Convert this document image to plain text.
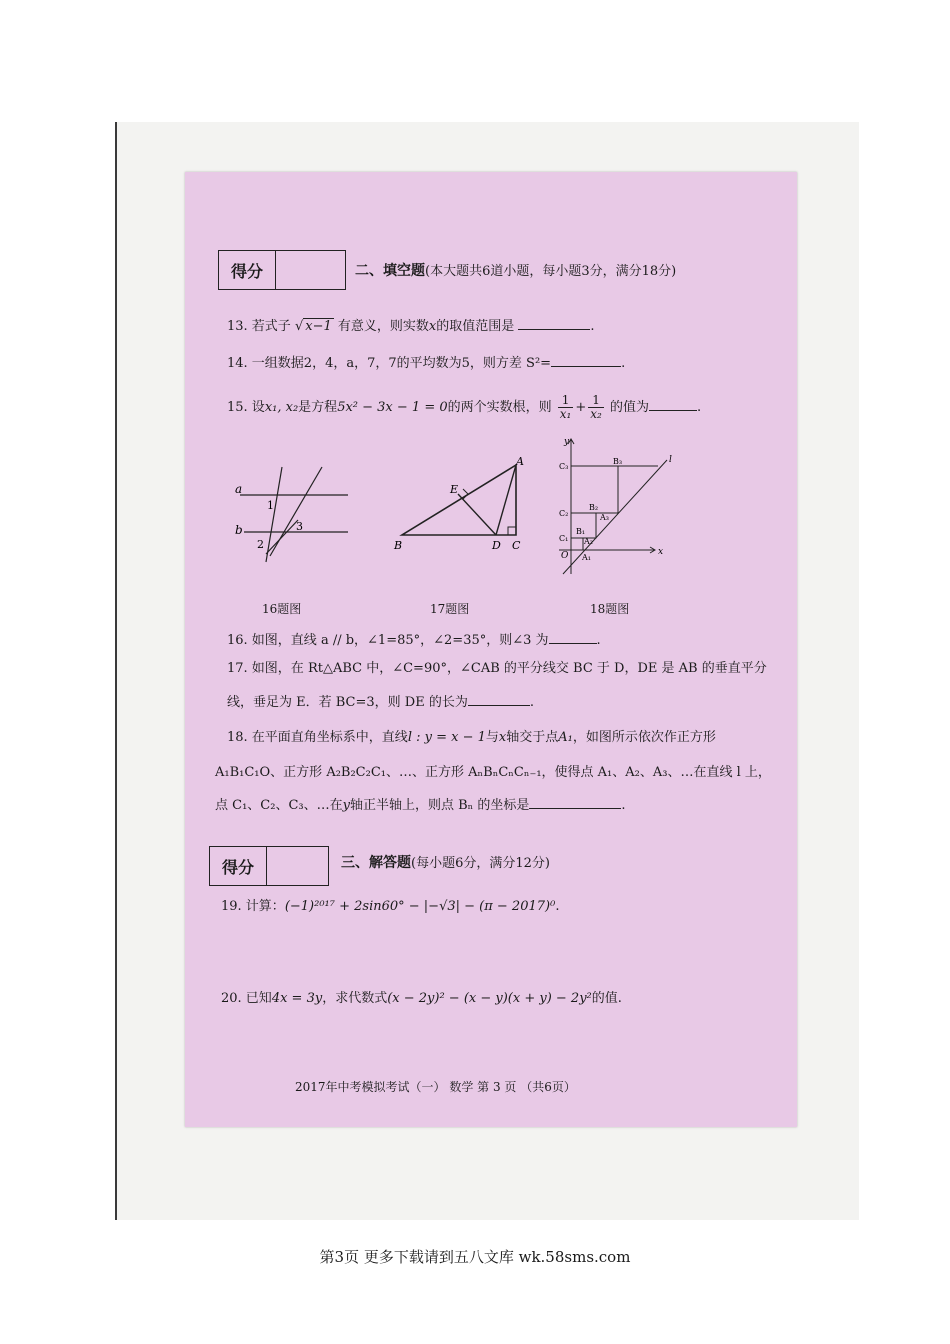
得分	二、填空题(本大题共6道小题，每小题3分，满分18分)
13. 若式子 √ x−1 有意义，则实数x的取值范围是	.
14. 一组数据2，4，a，7，7的平均数为5，则方差 S²=	.
15. 设x₁, x₂是方程5x² − 3x − 1 = 0的两个实数根，则 $\frac{1}{\text{x₁}} + \frac{1}{\text{x₂}}$ 的值为	.
a
b
1
2
3
16题图
A
B	C
D
E
17题图
y
x
O
l
A₁
A₂
A₃
B₁
B₂
B₃
C₁
C₂
C₃
18题图
16. 如图，直线 a // b，∠1=85°，∠2=35°，则∠3 为	.
17. 如图，在 Rt△ABC 中，∠C=90°，∠CAB 的平分线交 BC 于 D，DE 是 AB 的垂直平分
线，垂足为 E．若 BC=3，则 DE 的长为	.
18. 在平面直角坐标系中，直线l : y = x − 1与x轴交于点A₁，如图所示依次作正方形
A₁B₁C₁O、正方形 A₂B₂C₂C₁、…、正方形 AₙBₙCₙCₙ₋₁，使得点 A₁、A₂、A₃、…在直线 l 上，
点 C₁、C₂、C₃、…在y轴正半轴上，则点 Bₙ 的坐标是	.
得分	三、解答题(每小题6分，满分12分)
19. 计算：(−1)²⁰¹⁷ + 2sin60° − |−√3| − (π − 2017)⁰.
20. 已知4x = 3y，求代数式(x − 2y)² − (x − y)(x + y) − 2y²的值.
2017年中考模拟考试（一） 数学 第 3 页 （共6页）
第3页 更多下载请到五八文库 wk.58sms.com
